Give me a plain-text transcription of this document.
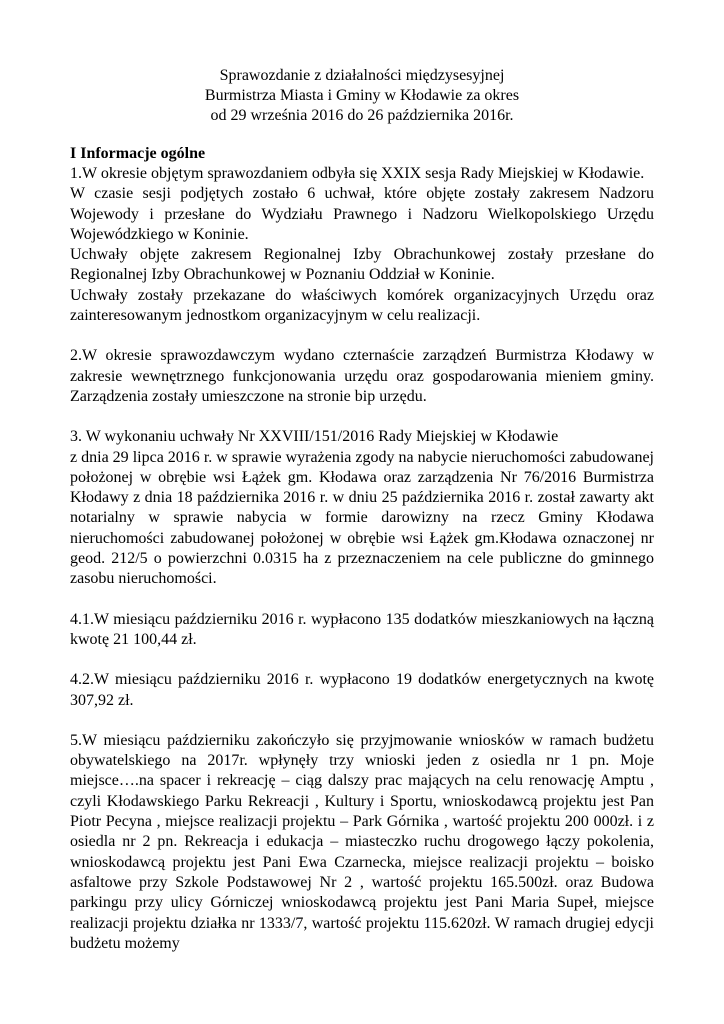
Sprawozdanie z działalności międzysesyjnej
Burmistrza Miasta i Gminy w Kłodawie za okres
od 29 września 2016 do 26 października 2016r.
I Informacje ogólne
1.W okresie objętym sprawozdaniem odbyła się XXIX sesja Rady Miejskiej w Kłodawie.
W czasie sesji podjętych zostało 6 uchwał, które objęte zostały zakresem Nadzoru Wojewody i przesłane do Wydziału Prawnego i Nadzoru Wielkopolskiego Urzędu Wojewódzkiego w Koninie.
Uchwały objęte zakresem Regionalnej Izby Obrachunkowej zostały przesłane do Regionalnej Izby Obrachunkowej w Poznaniu Oddział w Koninie.
Uchwały zostały przekazane do właściwych komórek organizacyjnych Urzędu oraz zainteresowanym jednostkom organizacyjnym w celu realizacji.
2.W okresie sprawozdawczym wydano czternaście zarządzeń Burmistrza Kłodawy w zakresie wewnętrznego funkcjonowania urzędu oraz gospodarowania mieniem gminy. Zarządzenia zostały umieszczone na stronie bip urzędu.
3. W wykonaniu uchwały Nr XXVIII/151/2016 Rady Miejskiej w Kłodawie
z dnia 29 lipca 2016 r. w sprawie wyrażenia zgody na nabycie nieruchomości zabudowanej położonej w obrębie wsi Łążek gm. Kłodawa oraz zarządzenia Nr 76/2016 Burmistrza Kłodawy z dnia 18 października 2016 r. w dniu 25 października 2016 r. został zawarty akt notarialny w sprawie nabycia w formie darowizny na rzecz Gminy Kłodawa nieruchomości zabudowanej położonej w obrębie wsi Łążek gm.Kłodawa oznaczonej nr geod. 212/5 o powierzchni 0.0315 ha z przeznaczeniem na cele publiczne do gminnego zasobu nieruchomości.
4.1.W miesiącu październiku 2016 r. wypłacono 135 dodatków mieszkaniowych na łączną kwotę 21 100,44 zł.
4.2.W miesiącu październiku 2016 r. wypłacono 19 dodatków energetycznych na kwotę 307,92 zł.
5.W miesiącu październiku zakończyło się przyjmowanie wniosków w ramach budżetu obywatelskiego na 2017r. wpłynęły trzy wnioski jeden z osiedla nr 1 pn. Moje miejsce….na spacer i rekreację – ciąg dalszy prac mających na celu renowację Amptu , czyli Kłodawskiego Parku Rekreacji , Kultury i Sportu, wnioskodawcą projektu jest Pan Piotr Pecyna , miejsce realizacji projektu – Park Górnika , wartość projektu 200 000zł. i z osiedla nr 2 pn. Rekreacja i edukacja – miasteczko ruchu drogowego łączy pokolenia, wnioskodawcą projektu jest Pani Ewa Czarnecka, miejsce realizacji projektu – boisko asfaltowe przy Szkole Podstawowej Nr 2 , wartość projektu 165.500zł. oraz Budowa parkingu przy ulicy Górniczej wnioskodawcą projektu jest Pani Maria Supeł, miejsce realizacji projektu działka nr 1333/7, wartość projektu 115.620zł. W ramach drugiej edycji budżetu możemy
